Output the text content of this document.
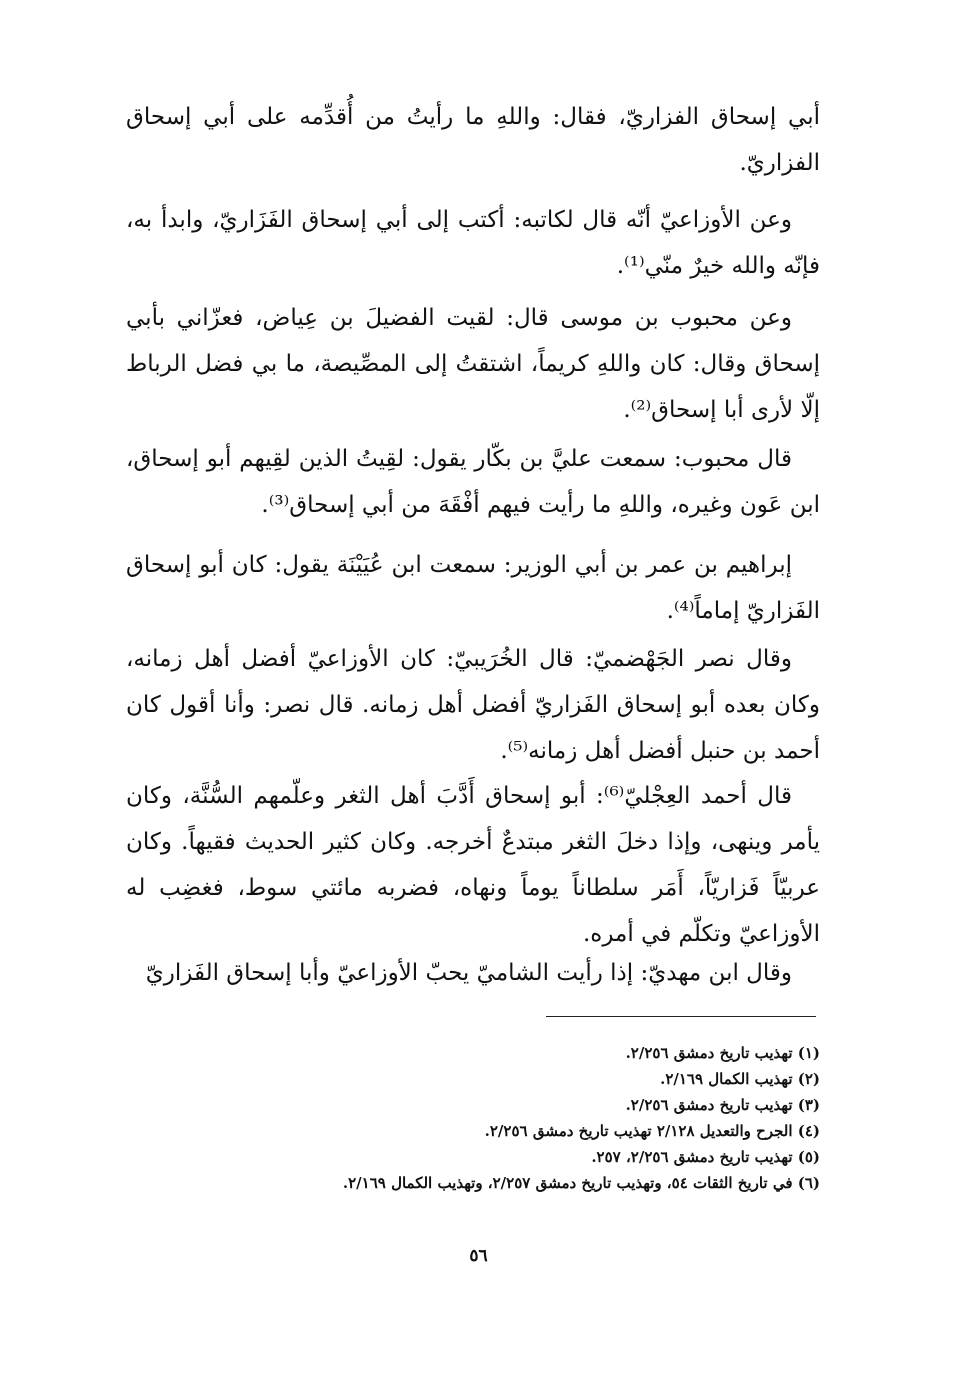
أبي إسحاق الفزاريّ، فقال: واللهِ ما رأيتُ من أُقدِّمه على أبي إسحاق الفزاريّ.

وعن الأوزاعيّ أنّه قال لكاتبه: أكتب إلى أبي إسحاق الفَزَاريّ، وابدأ به، فإنّه والله خيرٌ منّي⁽¹⁾.

وعن محبوب بن موسى قال: لقيت الفضيلَ بن عِياض، فعزّاني بأبي إسحاق وقال: كان واللهِ كريماً، اشتقتُ إلى المصِّيصة، ما بي فضل الرباط إلّا لأرى أبا إسحاق⁽²⁾.

قال محبوب: سمعت عليَّ بن بكّار يقول: لقِيتُ الذين لقِيهم أبو إسحاق، ابن عَون وغيره، واللهِ ما رأيت فيهم أفْقَهَ من أبي إسحاق⁽³⁾.

إبراهيم بن عمر بن أبي الوزير: سمعت ابن عُيَيْنَة يقول: كان أبو إسحاق الفَزاريّ إماماً⁽⁴⁾.

وقال نصر الجَهْضميّ: قال الخُرَيبيّ: كان الأوزاعيّ أفضل أهل زمانه، وكان بعده أبو إسحاق الفَزاريّ أفضل أهل زمانه. قال نصر: وأنا أقول كان أحمد بن حنبل أفضل أهل زمانه⁽⁵⁾.

قال أحمد العِجْليّ⁽⁶⁾: أبو إسحاق أَدَّبَ أهل الثغر وعلّمهم السُّنَّة، وكان يأمر وينهى، وإذا دخلَ الثغر مبتدعٌ أخرجه. وكان كثير الحديث فقيهاً. وكان عربيّاً فَزاريّاً، أَمَر سلطاناً يوماً ونهاه، فضربه مائتي سوط، فغضِب له الأوزاعيّ وتكلّم في أمره.

وقال ابن مهديّ: إذا رأيت الشاميّ يحبّ الأوزاعيّ وأبا إسحاق الفَزاريّ

(١) تهذيب تاريخ دمشق ٢/٢٥٦.
(٢) تهذيب الكمال ٢/١٦٩.
(٣) تهذيب تاريخ دمشق ٢/٢٥٦.
(٤) الجرح والتعديل ٢/١٢٨ تهذيب تاريخ دمشق ٢/٢٥٦.
(٥) تهذيب تاريخ دمشق ٢/٢٥٦، ٢٥٧.
(٦) في تاريخ الثقات ٥٤، وتهذيب تاريخ دمشق ٢/٢٥٧، وتهذيب الكمال ٢/١٦٩.
٥٦
